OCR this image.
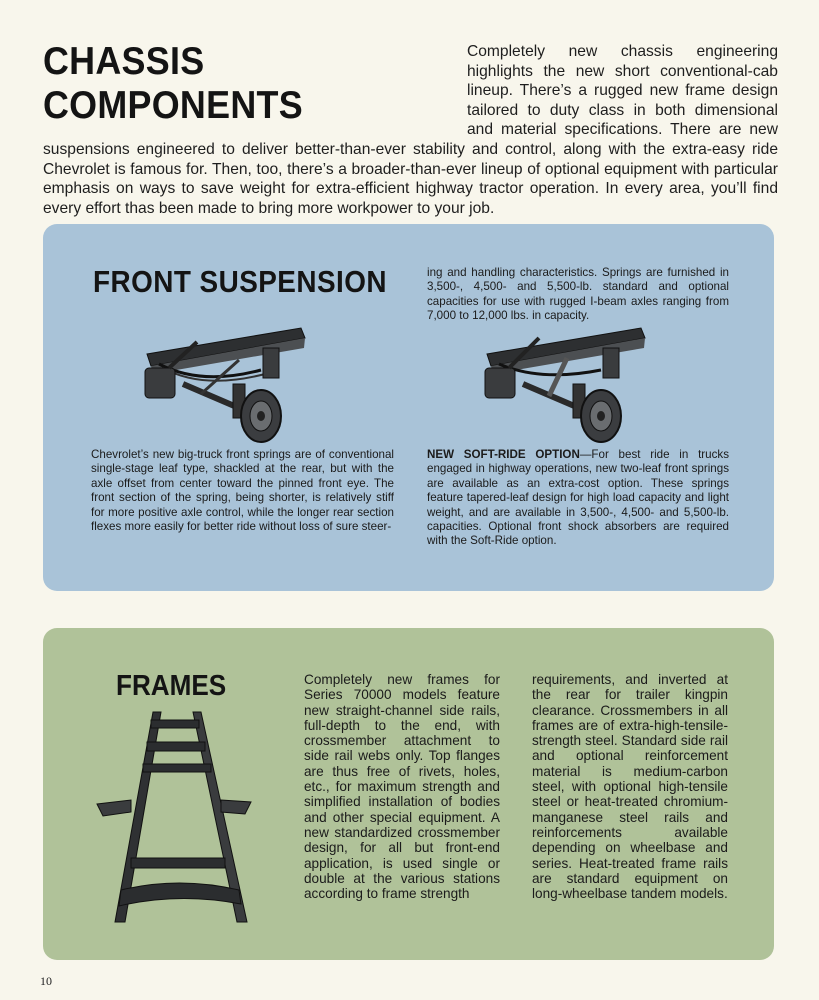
CHASSIS COMPONENTS

Completely new chassis engineering highlights the new short conventional-cab lineup. There’s a rugged new frame design tailored to duty class in both dimensional and material specifications. There are new suspensions engineered to deliver better-than-ever stability and control, along with the extra-easy ride Chevrolet is famous for. Then, too, there’s a broader-than-ever lineup of optional equipment with particular emphasis on ways to save weight for extra-efficient highway tractor operation. In every area, you’ll find every effort thas been made to bring more workpower to your job.

FRONT SUSPENSION
Chevrolet’s new big-truck front springs are of conventional single-stage leaf type, shackled at the rear, but with the axle offset from center toward the pinned front eye. The front section of the spring, being shorter, is relatively stiff for more positive axle control, while the longer rear section flexes more easily for better ride without loss of sure steer-
ing and handling characteristics. Springs are furnished in 3,500-, 4,500- and 5,500-lb. standard and optional capacities for use with rugged I-beam axles ranging from 7,000 to 12,000 lbs. in capacity.
NEW SOFT-RIDE OPTION—For best ride in trucks engaged in highway operations, new two-leaf front springs are available as an extra-cost option. These springs feature tapered-leaf design for high load capacity and light weight, and are available in 3,500-, 4,500- and 5,500-lb. capacities. Optional front shock absorbers are required with the Soft-Ride option.
FRAMES	Completely new frames for Series 70000 models feature new straight-channel side rails, full-depth to the end, with crossmember attachment to side rail webs only. Top flanges are thus free of rivets, holes, etc., for maximum strength and simplified installation of bodies and other special equipment. A new standardized crossmember design, for all but front-end application, is used single or double at the various stations according to frame strength
requirements, and inverted at the rear for trailer kingpin clearance. Crossmembers in all frames are of extra-high-tensile-strength steel. Standard side rail and optional reinforcement material is medium-carbon steel, with optional high-tensile steel or heat-treated chromium-manganese steel rails and reinforcements available depending on wheelbase and series. Heat-treated frame rails are standard equipment on long-wheelbase tandem models.
10
